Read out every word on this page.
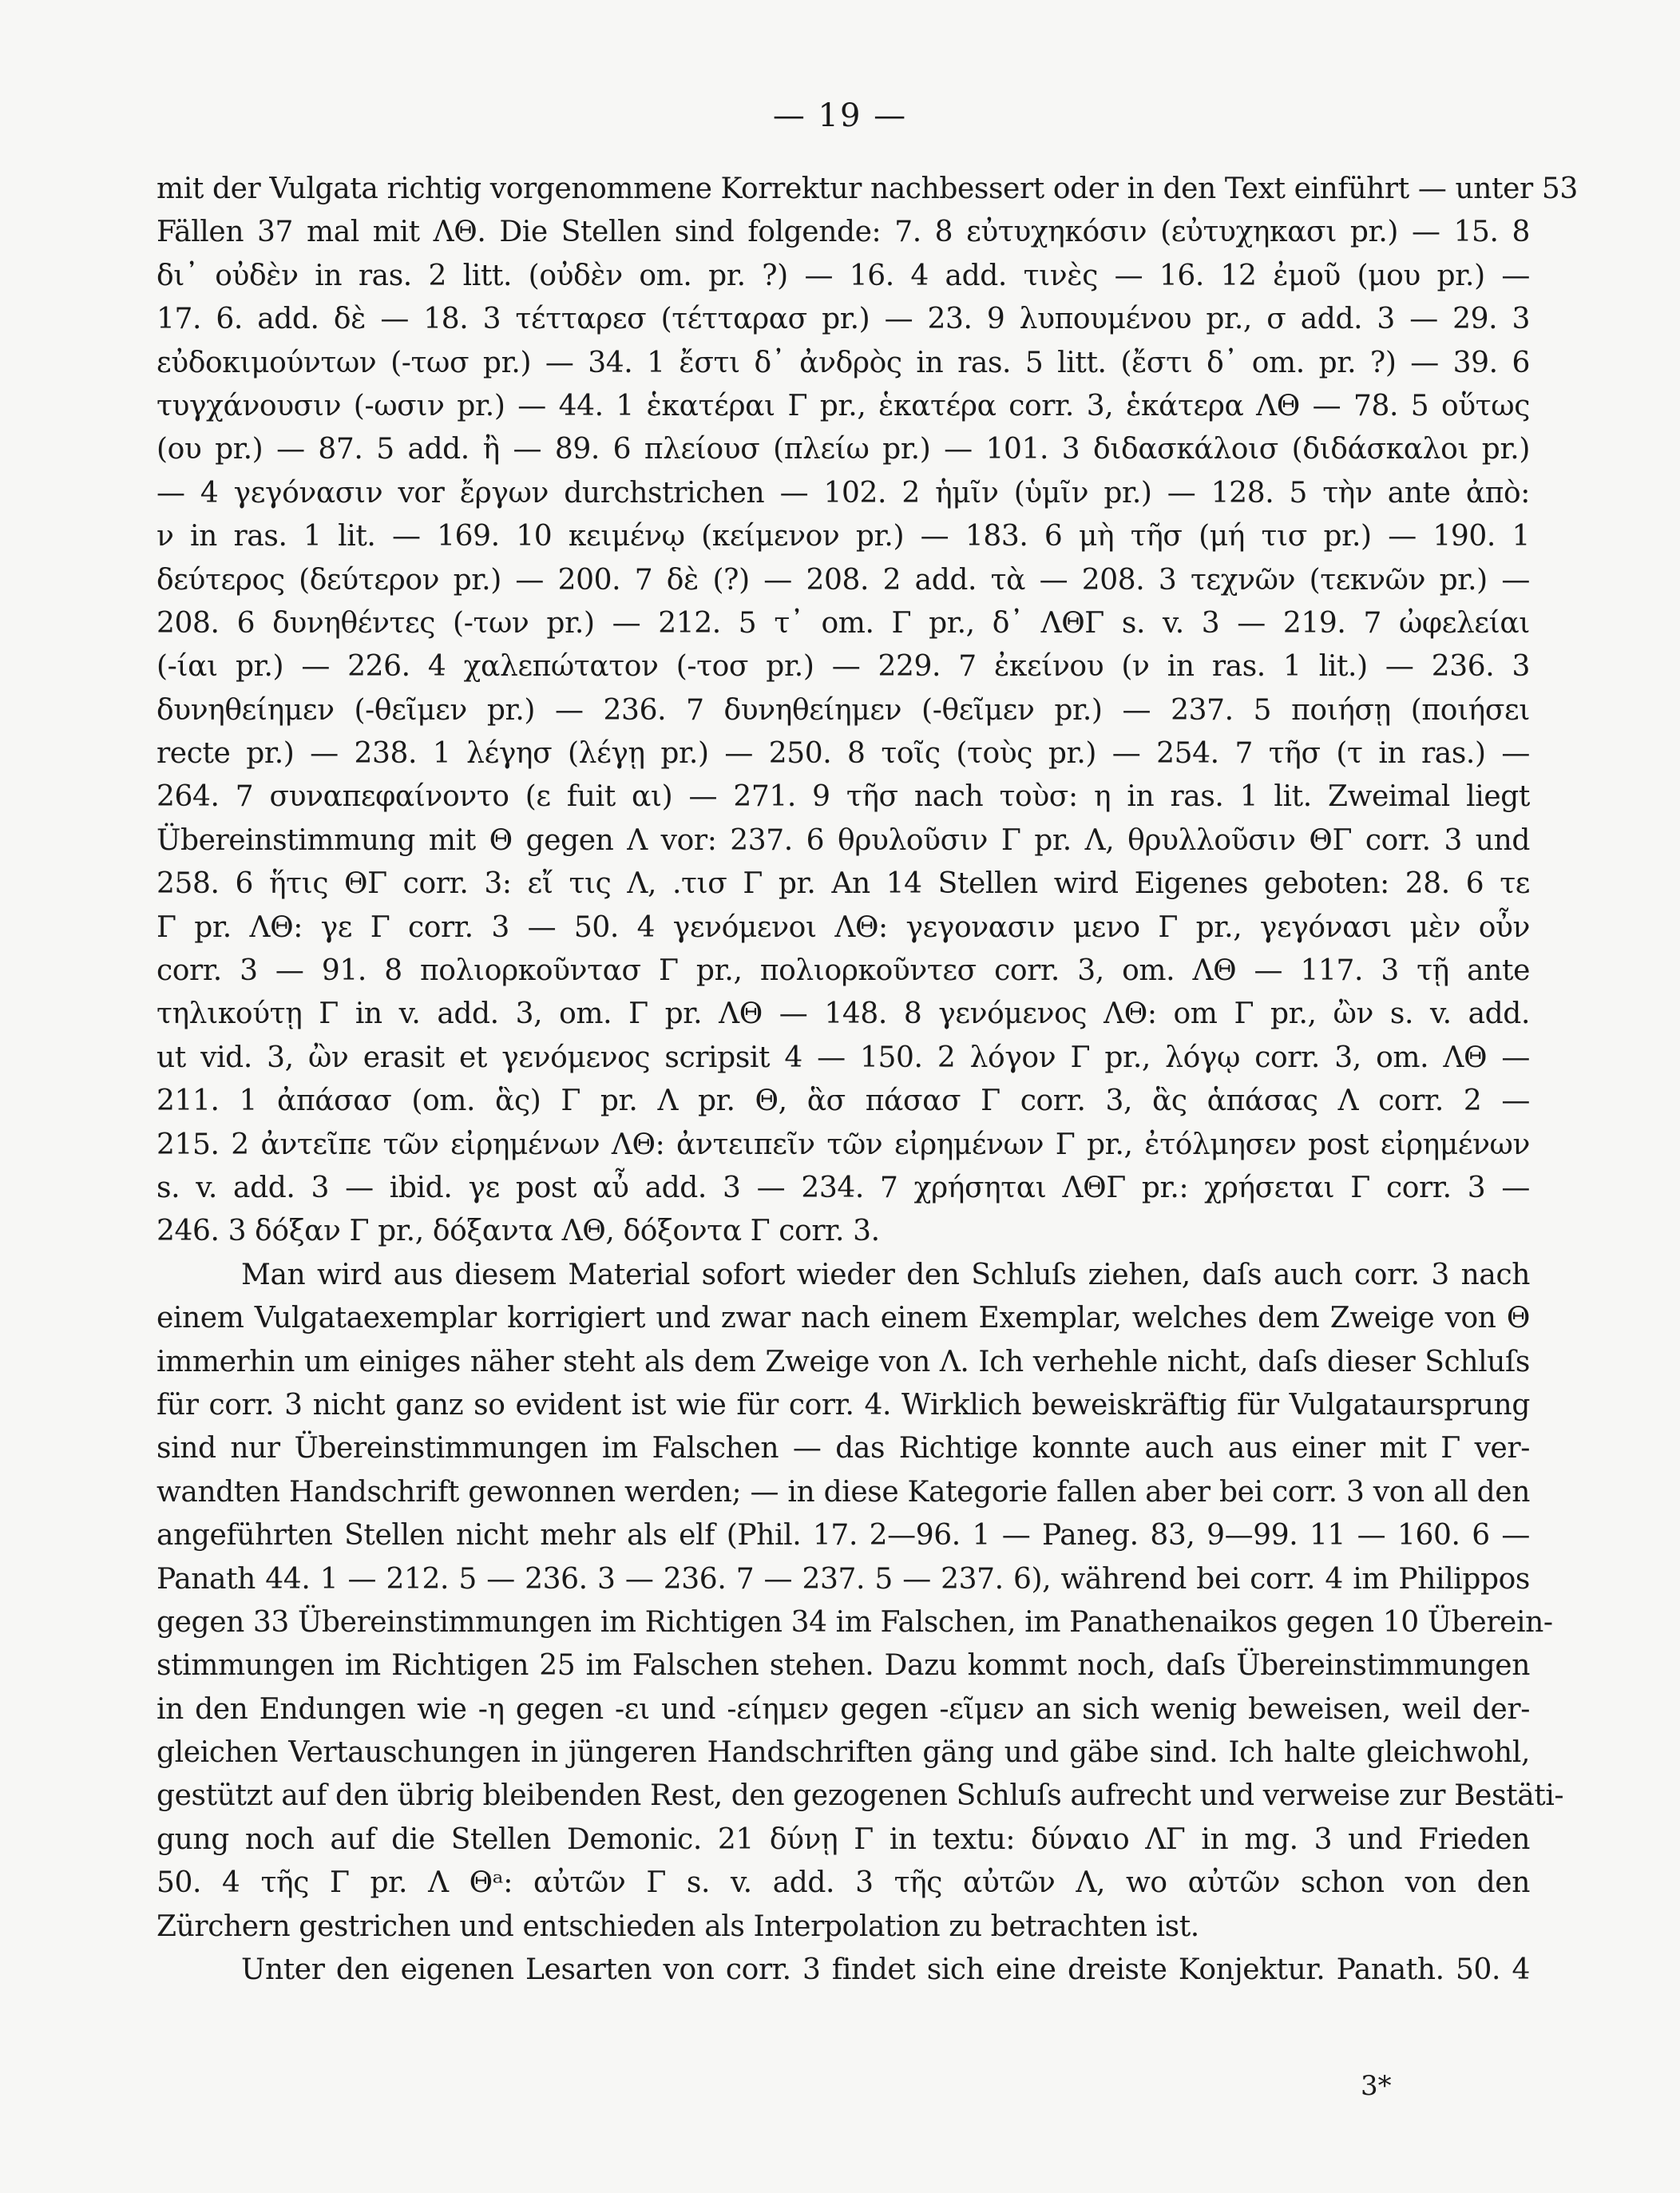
— 19 —
mit der Vulgata richtig vorgenommene Korrektur nachbessert oder in den Text einführt — unter 53
Fällen 37 mal mit ΛΘ. Die Stellen sind folgende: 7. 8 εὐτυχηκόσιν (εὐτυχηκασι pr.) — 15. 8
δι᾽ οὐδὲν in ras. 2 litt. (οὐδὲν om. pr. ?) — 16. 4 add. τινὲς — 16. 12 ἐμοῦ (μου pr.) —
17. 6. add. δὲ — 18. 3 τέτταρεσ (τέτταρασ pr.) — 23. 9 λυπουμένου pr., σ add. 3 — 29. 3
εὐδοκιμούντων (-τωσ pr.) — 34. 1 ἔστι δ᾽ ἀνδρὸς in ras. 5 litt. (ἔστι δ᾽ om. pr. ?) — 39. 6
τυγχάνουσιν (-ωσιν pr.) — 44. 1 ἑκατέραι Γ pr., ἑκατέρα corr. 3, ἑκάτερα ΛΘ — 78. 5 οὕτως
(ου pr.) — 87. 5 add. ἢ — 89. 6 πλείουσ (πλείω pr.) — 101. 3 διδασκάλοισ (διδάσκαλοι pr.)
— 4 γεγόνασιν vor ἔργων durchstrichen — 102. 2 ἡμῖν (ὑμῖν pr.) — 128. 5 τὴν ante ἀπὸ:
ν in ras. 1 lit. — 169. 10 κειμένῳ (κείμενον pr.) — 183. 6 μὴ τῆσ (μή τισ pr.) — 190. 1
δεύτερος (δεύτερον pr.) — 200. 7 δὲ (?) — 208. 2 add. τὰ — 208. 3 τεχνῶν (τεκνῶν pr.) —
208. 6 δυνηθέντες (-των pr.) — 212. 5 τ᾽ om. Γ pr., δ᾽ ΛΘΓ s. v. 3 — 219. 7 ὠφελείαι
(-ίαι pr.) — 226. 4 χαλεπώτατον (-τοσ pr.) — 229. 7 ἐκείνου (ν in ras. 1 lit.) — 236. 3
δυνηθείημεν (-θεῖμεν pr.) — 236. 7 δυνηθείημεν (-θεῖμεν pr.) — 237. 5 ποιήσῃ (ποιήσει
recte pr.) — 238. 1 λέγησ (λέγῃ pr.) — 250. 8 τοῖς (τοὺς pr.) — 254. 7 τῆσ (τ in ras.) —
264. 7 συναπεφαίνοντο (ε fuit αι) — 271. 9 τῆσ nach τοὺσ: η in ras. 1 lit. Zweimal liegt
Übereinstimmung mit Θ gegen Λ vor: 237. 6 θρυλοῦσιν Γ pr. Λ, θρυλλοῦσιν ΘΓ corr. 3 und
258. 6 ἥτις ΘΓ corr. 3: εἴ τις Λ, .τισ Γ pr. An 14 Stellen wird Eigenes geboten: 28. 6 τε
Γ pr. ΛΘ: γε Γ corr. 3 — 50. 4 γενόμενοι ΛΘ: γεγονασιν μενο Γ pr., γεγόνασι μὲν οὖν
corr. 3 — 91. 8 πολιορκοῦντασ Γ pr., πολιορκοῦντεσ corr. 3, om. ΛΘ — 117. 3 τῇ ante
τηλικούτῃ Γ in v. add. 3, om. Γ pr. ΛΘ — 148. 8 γενόμενος ΛΘ: om Γ pr., ὢν s. v. add.
ut vid. 3, ὢν erasit et γενόμενος scripsit 4 — 150. 2 λόγον Γ pr., λόγῳ corr. 3, om. ΛΘ —
211. 1 ἀπάσασ (om. ἃς) Γ pr. Λ pr. Θ, ἃσ πάσασ Γ corr. 3, ἃς ἁπάσας Λ corr. 2 —
215. 2 ἀντεῖπε τῶν εἰρημένων ΛΘ: ἀντειπεῖν τῶν εἰρημένων Γ pr., ἐτόλμησεν post εἰρημένων
s. v. add. 3 — ibid. γε post αὖ add. 3 — 234. 7 χρήσηται ΛΘΓ pr.: χρήσεται Γ corr. 3 —
246. 3 δόξαν Γ pr., δόξαντα ΛΘ, δόξοντα Γ corr. 3.
Man wird aus diesem Material sofort wieder den Schluſs ziehen, daſs auch corr. 3 nach
einem Vulgataexemplar korrigiert und zwar nach einem Exemplar, welches dem Zweige von Θ
immerhin um einiges näher steht als dem Zweige von Λ. Ich verhehle nicht, daſs dieser Schluſs
für corr. 3 nicht ganz so evident ist wie für corr. 4. Wirklich beweiskräftig für Vulgataursprung
sind nur Übereinstimmungen im Falschen — das Richtige konnte auch aus einer mit Γ ver-
wandten Handschrift gewonnen werden; — in diese Kategorie fallen aber bei corr. 3 von all den
angeführten Stellen nicht mehr als elf (Phil. 17. 2—96. 1 — Paneg. 83, 9—99. 11 — 160. 6 —
Panath 44. 1 — 212. 5 — 236. 3 — 236. 7 — 237. 5 — 237. 6), während bei corr. 4 im Philippos
gegen 33 Übereinstimmungen im Richtigen 34 im Falschen, im Panathenaikos gegen 10 Überein-
stimmungen im Richtigen 25 im Falschen stehen. Dazu kommt noch, daſs Übereinstimmungen
in den Endungen wie -η gegen -ει und -είημεν gegen -εῖμεν an sich wenig beweisen, weil der-
gleichen Vertauschungen in jüngeren Handschriften gäng und gäbe sind. Ich halte gleichwohl,
gestützt auf den übrig bleibenden Rest, den gezogenen Schluſs aufrecht und verweise zur Bestäti-
gung noch auf die Stellen Demonic. 21 δύνῃ Γ in textu: δύναιο ΛΓ in mg. 3 und Frieden
50. 4 τῆς Γ pr. Λ Θᵃ: αὐτῶν Γ s. v. add. 3 τῆς αὐτῶν Λ, wo αὐτῶν schon von den
Zürchern gestrichen und entschieden als Interpolation zu betrachten ist.
Unter den eigenen Lesarten von corr. 3 findet sich eine dreiste Konjektur. Panath. 50. 4
3*
